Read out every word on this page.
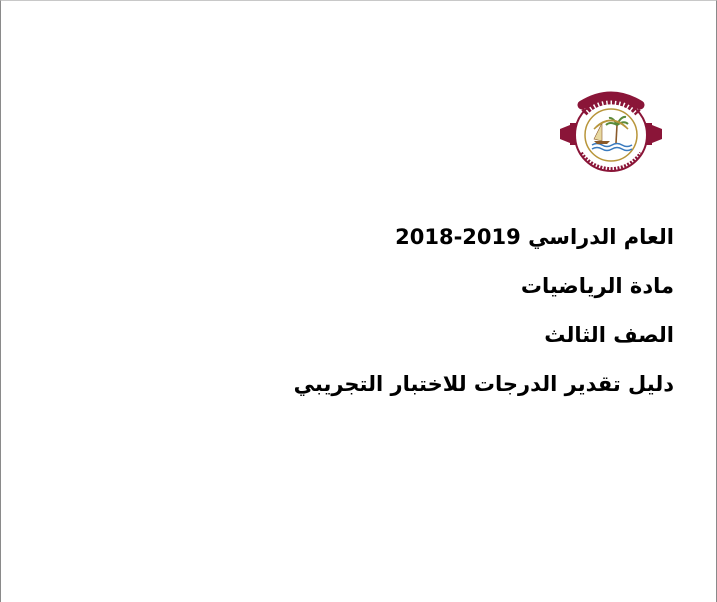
العام الدراسي 2018-2019
مادة الرياضيات
الصف الثالث
دليل تقدير الدرجات للاختبار التجريبي
